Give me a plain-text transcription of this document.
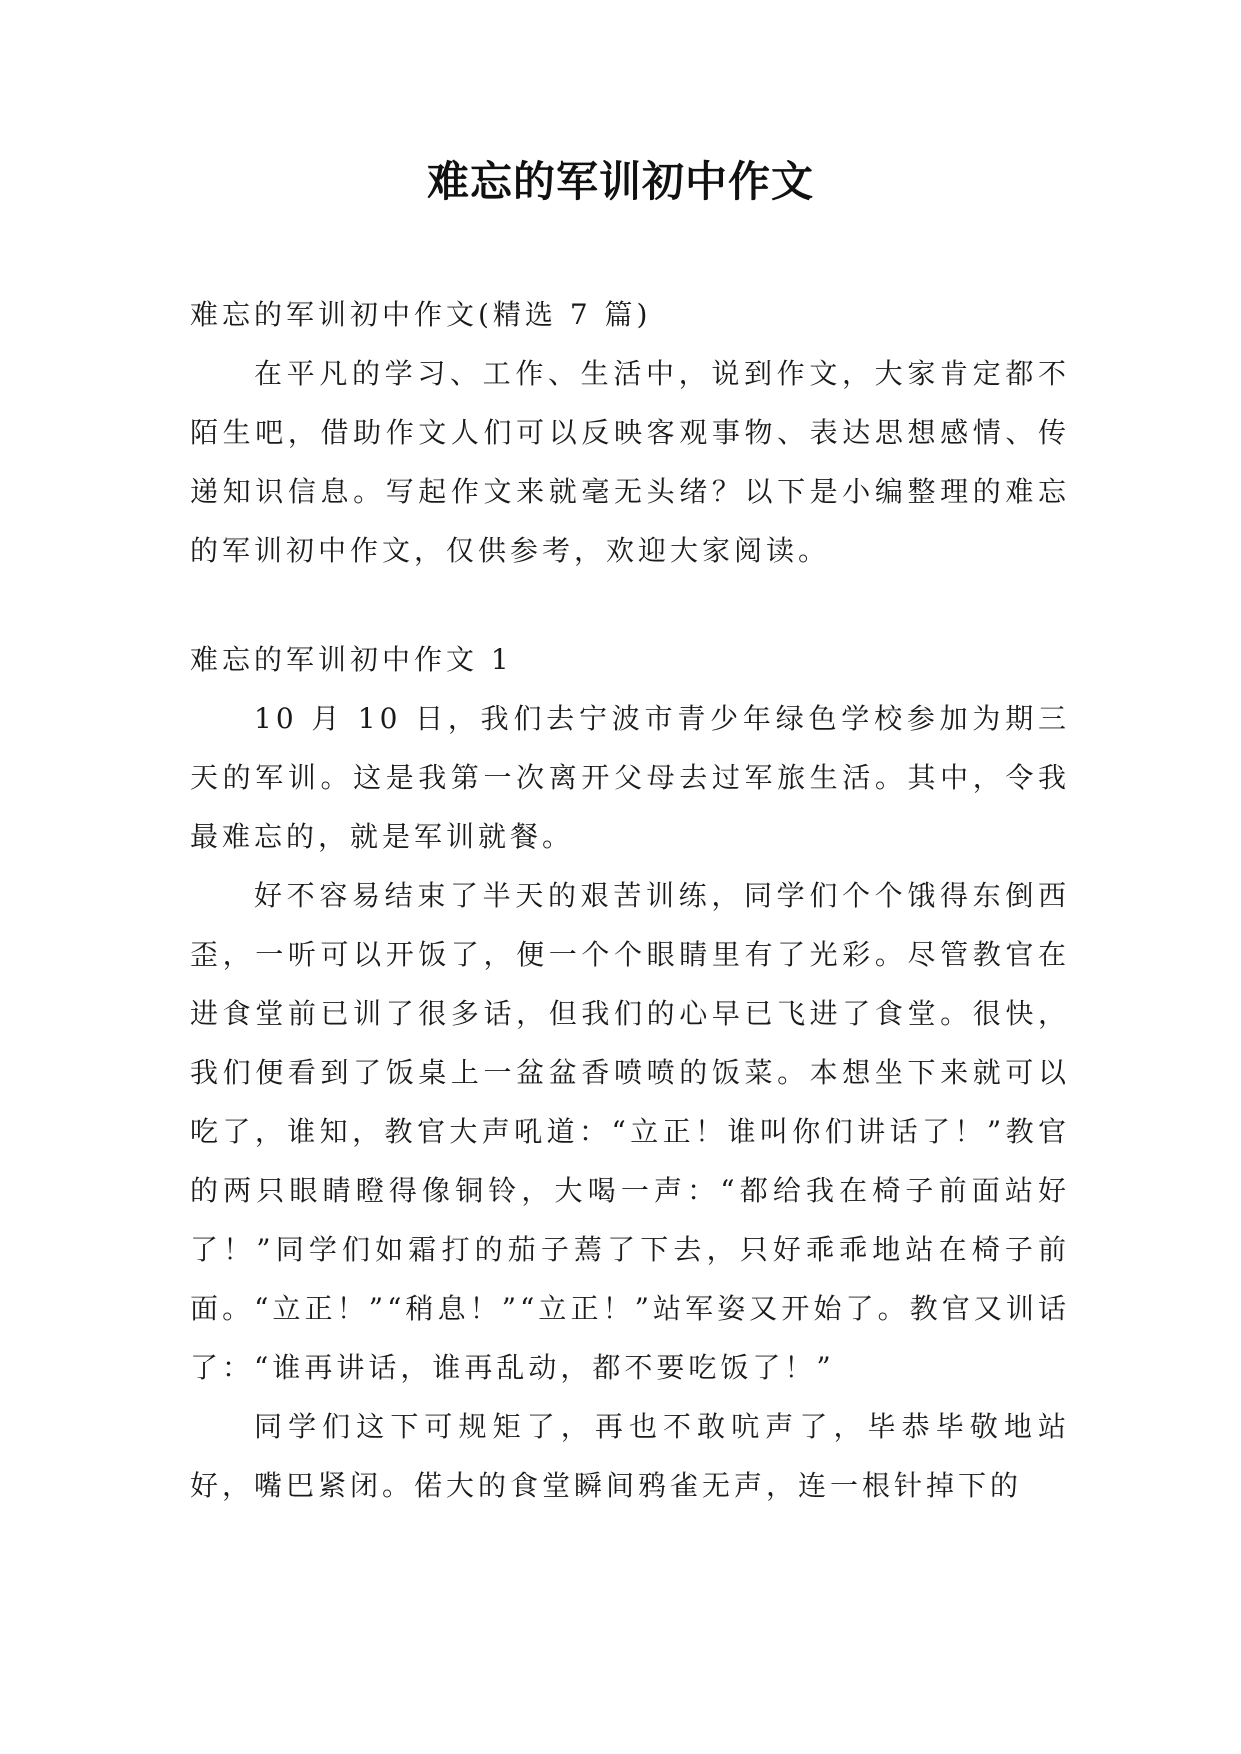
难忘的军训初中作文

难忘的军训初中作文(精选 7 篇)

在平凡的学习、工作、生活中，说到作文，大家肯定都不陌生吧，借助作文人们可以反映客观事物、表达思想感情、传递知识信息。写起作文来就毫无头绪？以下是小编整理的难忘的军训初中作文，仅供参考，欢迎大家阅读。

难忘的军训初中作文 1

10 月 10 日，我们去宁波市青少年绿色学校参加为期三天的军训。这是我第一次离开父母去过军旅生活。其中，令我最难忘的，就是军训就餐。

好不容易结束了半天的艰苦训练，同学们个个饿得东倒西歪，一听可以开饭了，便一个个眼睛里有了光彩。尽管教官在进食堂前已训了很多话，但我们的心早已飞进了食堂。很快，我们便看到了饭桌上一盆盆香喷喷的饭菜。本想坐下来就可以吃了，谁知，教官大声吼道：“立正！谁叫你们讲话了！”教官的两只眼睛瞪得像铜铃，大喝一声：“都给我在椅子前面站好了！”同学们如霜打的茄子蔫了下去，只好乖乖地站在椅子前面。“立正！”“稍息！”“立正！”站军姿又开始了。教官又训话了：“谁再讲话，谁再乱动，都不要吃饭了！”

同学们这下可规矩了，再也不敢吭声了，毕恭毕敬地站好，嘴巴紧闭。偌大的食堂瞬间鸦雀无声，连一根针掉下的
